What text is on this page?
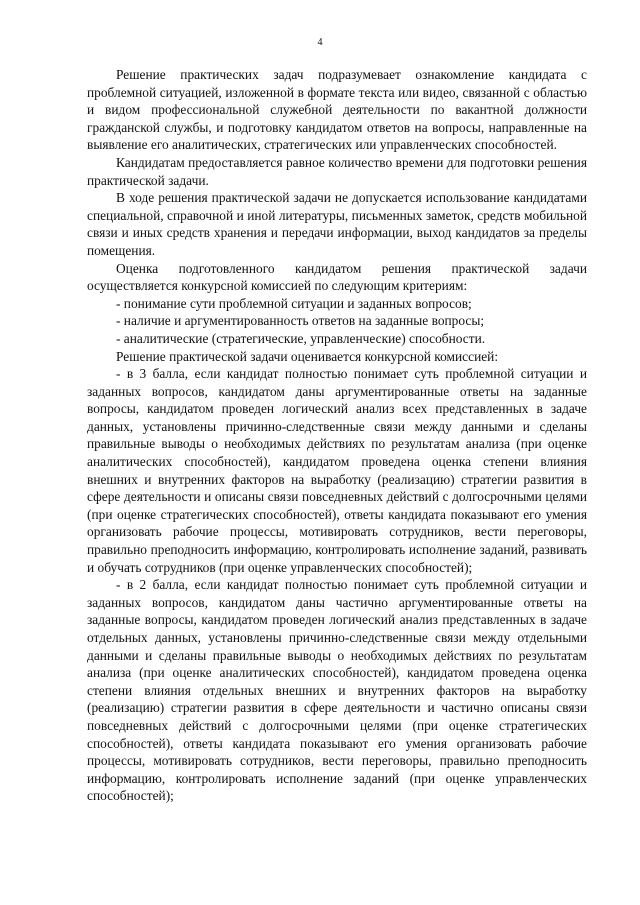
4

Решение практических задач подразумевает ознакомление кандидата с проблемной ситуацией, изложенной в формате текста или видео, связанной с областью и видом профессиональной служебной деятельности по вакантной должности гражданской службы, и подготовку кандидатом ответов на вопросы, направленные на выявление его аналитических, стратегических или управленческих способностей.

Кандидатам предоставляется равное количество времени для подготовки решения практической задачи.

В ходе решения практической задачи не допускается использование кандидатами специальной, справочной и иной литературы, письменных заметок, средств мобильной связи и иных средств хранения и передачи информации, выход кандидатов за пределы помещения.

Оценка подготовленного кандидатом решения практической задачи осуществляется конкурсной комиссией по следующим критериям:

- понимание сути проблемной ситуации и заданных вопросов;

- наличие и аргументированность ответов на заданные вопросы;

- аналитические (стратегические, управленческие) способности.

Решение практической задачи оценивается конкурсной комиссией:

- в 3 балла, если кандидат полностью понимает суть проблемной ситуации и заданных вопросов, кандидатом даны аргументированные ответы на заданные вопросы, кандидатом проведен логический анализ всех представленных в задаче данных, установлены причинно-следственные связи между данными и сделаны правильные выводы о необходимых действиях по результатам анализа (при оценке аналитических способностей), кандидатом проведена оценка степени влияния внешних и внутренних факторов на выработку (реализацию) стратегии развития в сфере деятельности и описаны связи повседневных действий с долгосрочными целями (при оценке стратегических способностей), ответы кандидата показывают его умения организовать рабочие процессы, мотивировать сотрудников, вести переговоры, правильно преподносить информацию, контролировать исполнение заданий, развивать и обучать сотрудников (при оценке управленческих способностей);

- в 2 балла, если кандидат полностью понимает суть проблемной ситуации и заданных вопросов, кандидатом даны частично аргументированные ответы на заданные вопросы, кандидатом проведен логический анализ представленных в задаче отдельных данных, установлены причинно-следственные связи между отдельными данными и сделаны правильные выводы о необходимых действиях по результатам анализа (при оценке аналитических способностей), кандидатом проведена оценка степени влияния отдельных внешних и внутренних факторов на выработку (реализацию) стратегии развития в сфере деятельности и частично описаны связи повседневных действий с долгосрочными целями (при оценке стратегических способностей), ответы кандидата показывают его умения организовать рабочие процессы, мотивировать сотрудников, вести переговоры, правильно преподносить информацию, контролировать исполнение заданий (при оценке управленческих способностей);
